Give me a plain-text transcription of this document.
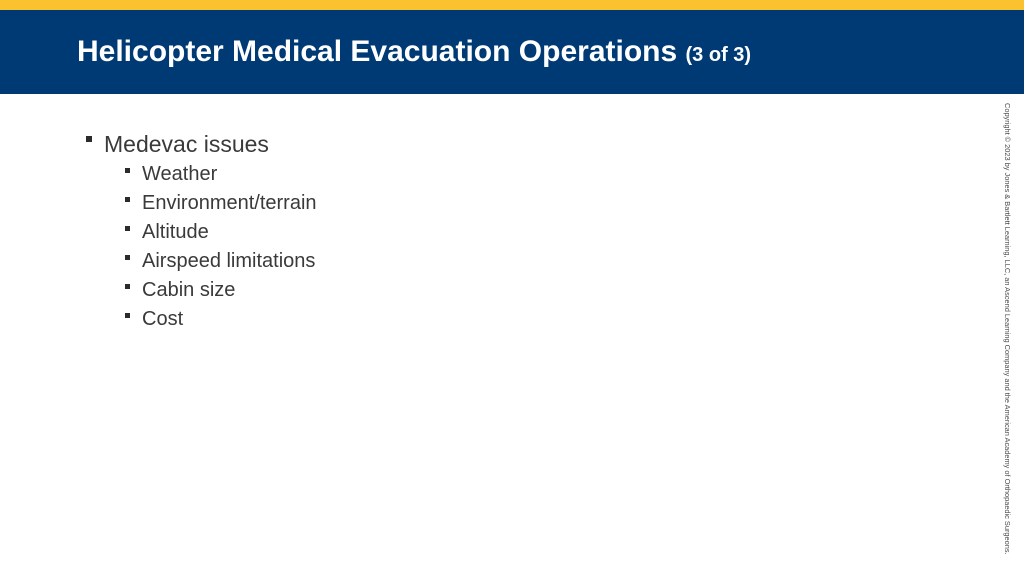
Helicopter Medical Evacuation Operations (3 of 3)
Medevac issues
Weather
Environment/terrain
Altitude
Airspeed limitations
Cabin size
Cost	Copyright © 2023 by Jones & Bartlett Learning, LLC, an Ascend Learning Company and the American Academy of Orthopaedic Surgeons.
